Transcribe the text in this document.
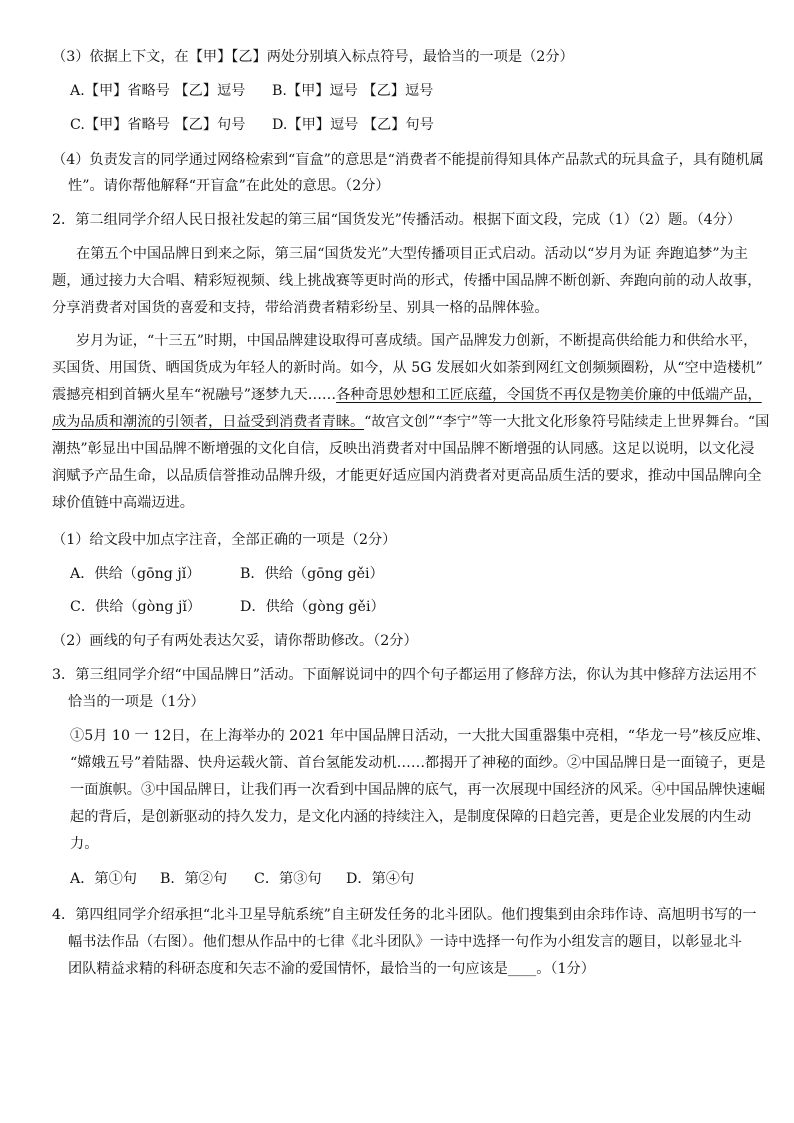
（3）依据上下文，在【甲】【乙】两处分别填入标点符号，最恰当的一项是（2分）
A.【甲】省略号 【乙】逗号 B.【甲】逗号 【乙】逗号
C.【甲】省略号 【乙】句号 D.【甲】逗号 【乙】句号
（4）负责发言的同学通过网络检索到“盲盒”的意思是“消费者不能提前得知具体产品款式的玩具盒子，具有随机属
性”。请你帮他解释“开盲盒”在此处的意思。（2分）
2．第二组同学介绍人民日报社发起的第三届“国货发光”传播活动。根据下面文段，完成（1）（2）题。（4分）
在第五个中国品牌日到来之际，第三届“国货发光”大型传播项目正式启动。活动以“岁月为证 奔跑追梦”为主
题，通过接力大合唱、精彩短视频、线上挑战赛等更时尚的形式，传播中国品牌不断创新、奔跑向前的动人故事，
分享消费者对国货的喜爱和支持，带给消费者精彩纷呈、别具一格的品牌体验。
岁月为证，“十三五”时期，中国品牌建设取得可喜成绩。国产品牌发力创新，不断提高供给能力和供给水平，
买国货、用国货、晒国货成为年轻人的新时尚。如今，从 5G 发展如火如荼到网红文创频频圈粉，从“空中造楼机”
震撼亮相到首辆火星车“祝融号”逐梦九天……各种奇思妙想和工匠底蕴，令国货不再仅是物美价廉的中低端产品，
成为品质和潮流的引领者，日益受到消费者青睐。“故宫文创”“李宁”等一大批文化形象符号陆续走上世界舞台。“国
潮热”彰显出中国品牌不断增强的文化自信，反映出消费者对中国品牌不断增强的认同感。这足以说明，以文化浸
润赋予产品生命，以品质信誉推动品牌升级，才能更好适应国内消费者对更高品质生活的要求，推动中国品牌向全
球价值链中高端迈进。
（1）给文段中加点字注音，全部正确的一项是（2分）
A．供给（gōng jǐ）	B．供给（gōng gěi）
C．供给（gòng jǐ）	D．供给（gòng gěi）
（2）画线的句子有两处表达欠妥，请你帮助修改。（2分）
3．第三组同学介绍“中国品牌日”活动。下面解说词中的四个句子都运用了修辞方法，你认为其中修辞方法运用不
恰当的一项是（1分）
①5月 10 一 12日，在上海举办的 2021 年中国品牌日活动，一大批大国重器集中亮相，“华龙一号”核反应堆、
“嫦娥五号”着陆器、快舟运载火箭、首台氢能发动机……都揭开了神秘的面纱。②中国品牌日是一面镜子，更是
一面旗帜。③中国品牌日，让我们再一次看到中国品牌的底气，再一次展现中国经济的风采。④中国品牌快速崛
起的背后，是创新驱动的持久发力，是文化内涵的持续注入，是制度保障的日趋完善，更是企业发展的内生动
力。
A．第①句 B．第②句 C．第③句 D．第④句
4．第四组同学介绍承担“北斗卫星导航系统”自主研发任务的北斗团队。他们搜集到由余玮作诗、高旭明书写的一
幅书法作品（右图）。他们想从作品中的七律《北斗团队》一诗中选择一句作为小组发言的题目，以彰显北斗
团队精益求精的科研态度和矢志不渝的爱国情怀，最恰当的一句应该是____。（1分）
